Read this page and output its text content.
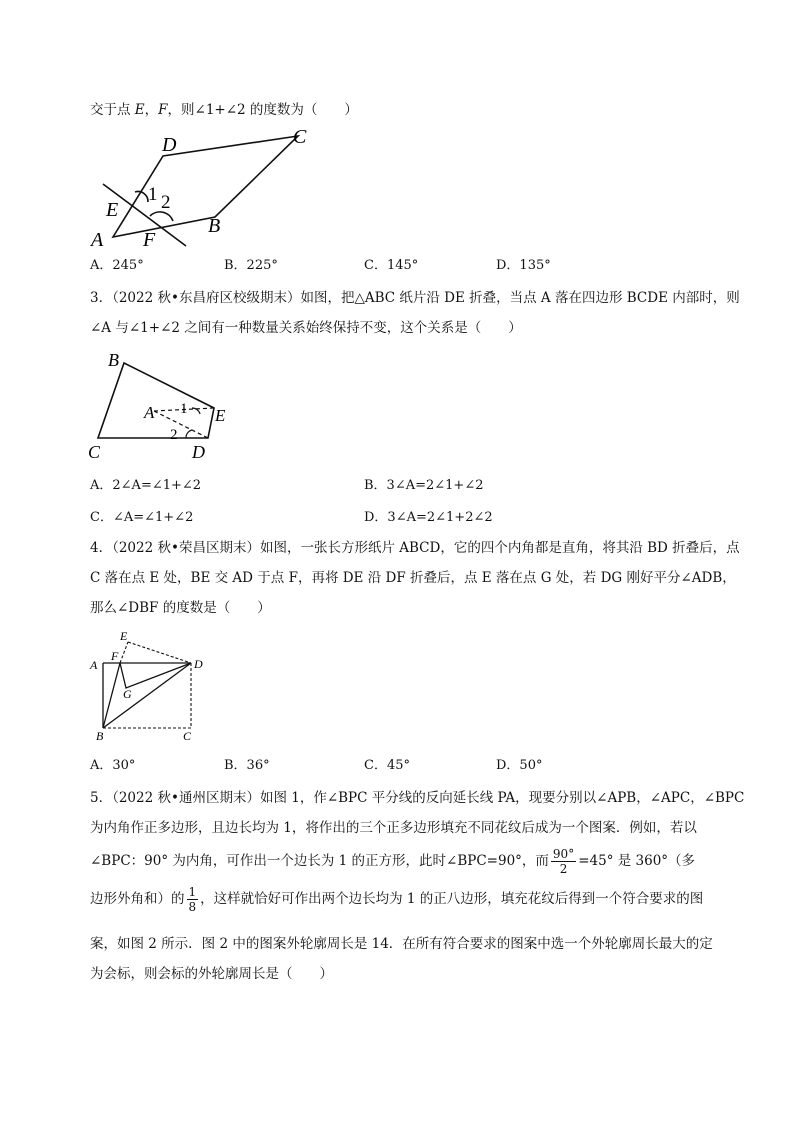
交于点 E，F，则∠1+∠2 的度数为（　　）
D	C
E
1 2
B
A F
A．245°	B．225°	C．145°	D．135°
3．（2022 秋•东昌府区校级期末）如图，把△ABC 纸片沿 DE 折叠，当点 A 落在四边形 BCDE 内部时，则
∠A 与∠1+∠2 之间有一种数量关系始终保持不变，这个关系是（　　）
B
A 1 E
2
C	D
A．2∠A=∠1+∠2	B．3∠A=2∠1+∠2
C．∠A=∠1+∠2	D．3∠A=2∠1+2∠2
4．（2022 秋•荣昌区期末）如图，一张长方形纸片 ABCD，它的四个内角都是直角，将其沿 BD 折叠后，点
C 落在点 E 处，BE 交 AD 于点 F，再将 DE 沿 DF 折叠后，点 E 落在点 G 处，若 DG 刚好平分∠ADB，
那么∠DBF 的度数是（　　）
E
F
A	D
G
B	C
A．30°	B．36°	C．45°	D．50°
5．（2022 秋•通州区期末）如图 1，作∠BPC 平分线的反向延长线 PA，现要分别以∠APB，∠APC，∠BPC
为内角作正多边形，且边长均为 1，将作出的三个正多边形填充不同花纹后成为一个图案．例如，若以
∠BPC：90° 为内角，可作出一个边长为 1 的正方形，此时∠BPC=90°，而 $\frac{90^\circ}{2} =45^\circ$ 是 360°（多
边形外角和）的 $\frac{1}{8}$ ，这样就恰好可作出两个边长均为 1 的正八边形，填充花纹后得到一个符合要求的图
案，如图 2 所示．图 2 中的图案外轮廓周长是 14．在所有符合要求的图案中选一个外轮廓周长最大的定
为会标，则会标的外轮廓周长是（　　）
